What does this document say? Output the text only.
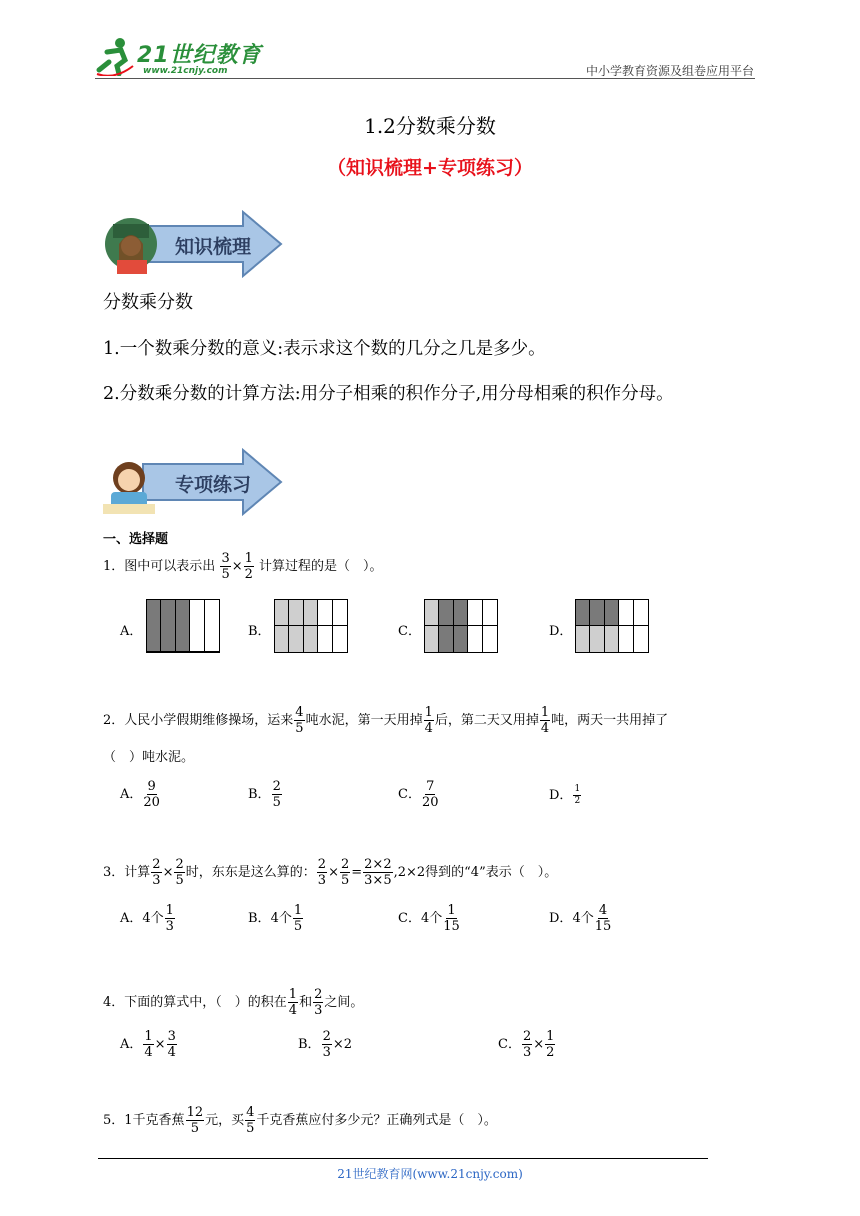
21世纪教育
www.21cnjy.com	中小学教育资源及组卷应用平台
1.2分数乘分数
（知识梳理+专项练习）
知识梳理
分数乘分数
1.一个数乘分数的意义:表示求这个数的几分之几是多少。
2.分数乘分数的计算方法:用分子相乘的积作分子,用分母相乘的积作分母。
专项练习
一、选择题
1．图中可以表示出 $\frac{3}{5} \times \frac{1}{2}$ 计算过程的是（　）。
A．	B．	C．	D．
2．人民小学假期维修操场，运来 $\frac{4}{5}$ 吨水泥，第一天用掉 $\frac{1}{4}$ 后，第二天又用掉 $\frac{1}{4}$ 吨，两天一共用掉了
（　）吨水泥。
A． $\frac{9}{20}$	B． $\frac{2}{5}$	C． $\frac{7}{20}$	D． $\frac{1}{2}$
3．计算 $\frac{2}{3} \times \frac{2}{5}$ 时，东东是这么算的： $\frac{2}{3} \times \frac{2}{5} = \frac{2\times 2}{3\times 5} ,2\times 2$得到的“4”表示（　）。
A．4个 $\frac{1}{3}$	B．4个 $\frac{1}{5}$	C．4个 $\frac{1}{15}$	D．4个 $\frac{4}{15}$
4．下面的算式中，（　）的积在 $\frac{1}{4}$ 和 $\frac{2}{3}$ 之间。
A． $\frac{1}{4} \times \frac{3}{4}$	B． $\frac{2}{3} \times 2$	C． $\frac{2}{3} \times \frac{1}{2}$
5．1千克香蕉 $\frac{12}{5}$ 元，买 $\frac{4}{5}$ 千克香蕉应付多少元？正确列式是（　）。
21世纪教育网(www.21cnjy.com)
